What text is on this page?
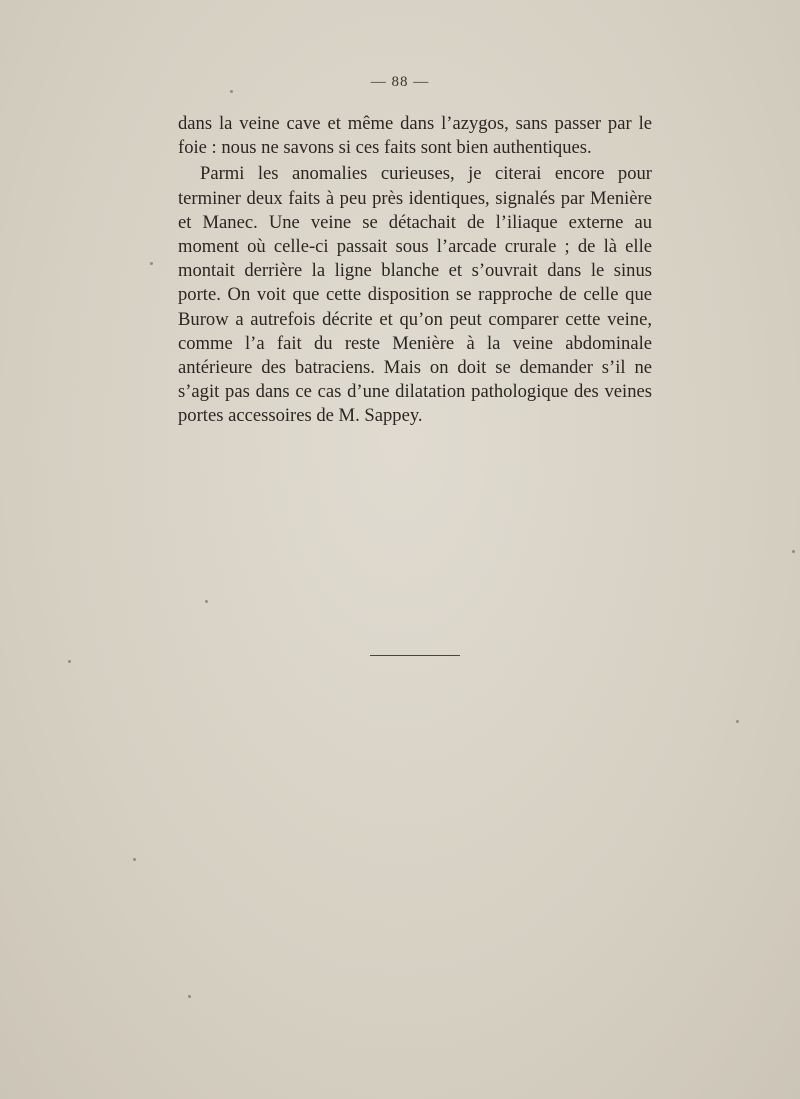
— 88 —

dans la veine cave et même dans l’azygos, sans passer par le foie : nous ne savons si ces faits sont bien authentiques.

Parmi les anomalies curieuses, je citerai encore pour terminer deux faits à peu près identiques, signalés par Menière et Manec. Une veine se détachait de l’iliaque externe au moment où celle-ci passait sous l’arcade crurale ; de là elle montait derrière la ligne blanche et s’ouvrait dans le sinus porte. On voit que cette disposition se rapproche de celle que Burow a autrefois décrite et qu’on peut comparer cette veine, comme l’a fait du reste Menière à la veine abdominale antérieure des batraciens. Mais on doit se demander s’il ne s’agit pas dans ce cas d’une dilatation pathologique des veines portes accessoires de M. Sappey.
